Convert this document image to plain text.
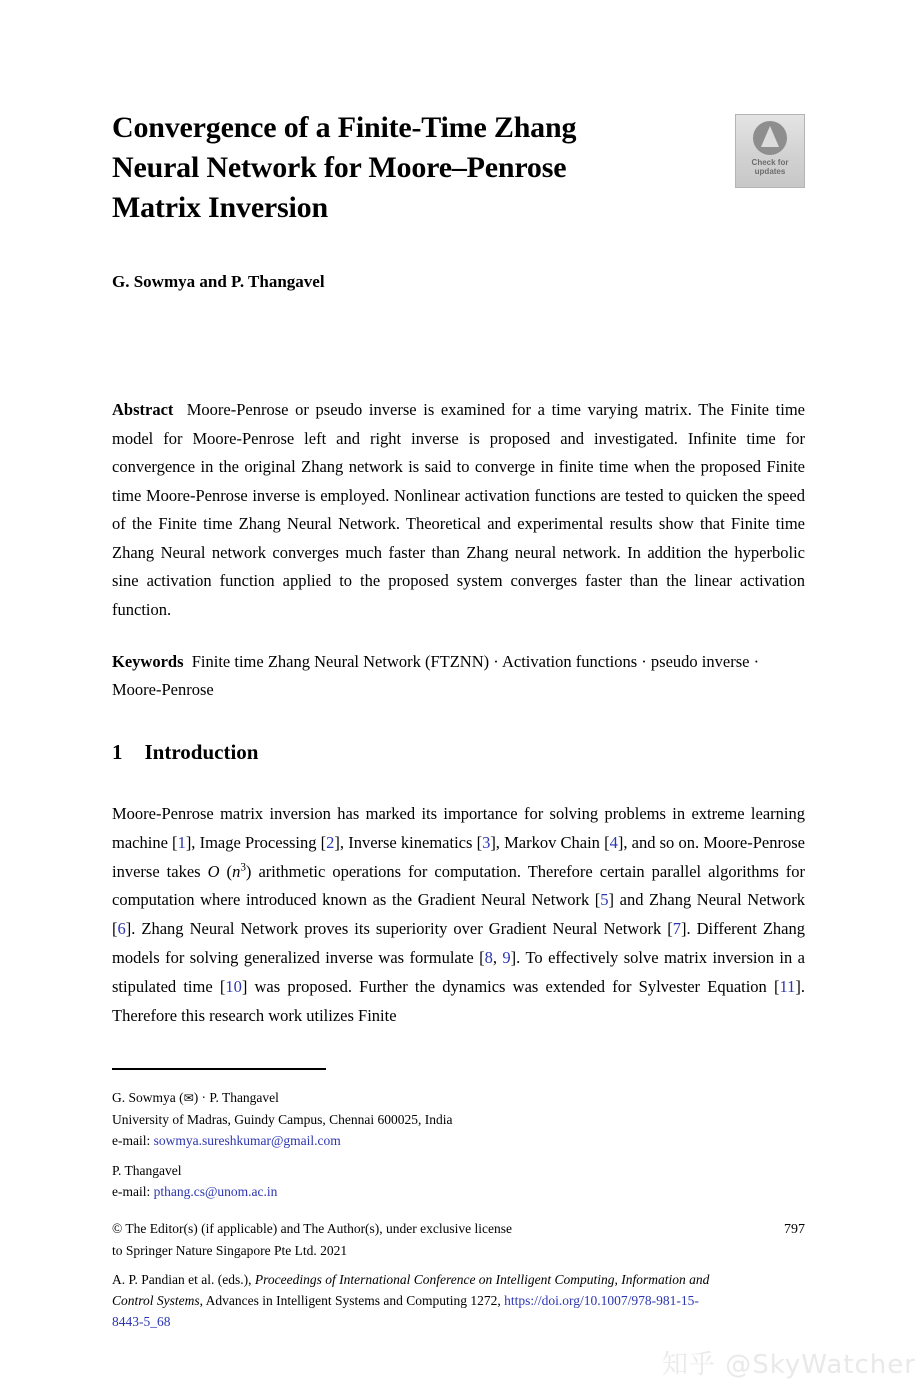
Convergence of a Finite-Time Zhang
Neural Network for Moore–Penrose
Matrix Inversion
Check for
updates
G. Sowmya and P. Thangavel
Abstract Moore-Penrose or pseudo inverse is examined for a time varying matrix. The Finite time model for Moore-Penrose left and right inverse is proposed and investigated. Infinite time for convergence in the original Zhang network is said to converge in finite time when the proposed Finite time Moore-Penrose inverse is employed. Nonlinear activation functions are tested to quicken the speed of the Finite time Zhang Neural Network. Theoretical and experimental results show that Finite time Zhang Neural network converges much faster than Zhang neural network. In addition the hyperbolic sine activation function applied to the proposed system converges faster than the linear activation function.
Keywords Finite time Zhang Neural Network (FTZNN) · Activation functions · pseudo inverse · Moore-Penrose
1 Introduction
Moore-Penrose matrix inversion has marked its importance for solving problems in extreme learning machine [1], Image Processing [2], Inverse kinematics [3], Markov Chain [4], and so on. Moore-Penrose inverse takes O $(n^3)$ arithmetic operations for computation. Therefore certain parallel algorithms for computation where introduced known as the Gradient Neural Network [5] and Zhang Neural Network [6]. Zhang Neural Network proves its superiority over Gradient Neural Network [7]. Different Zhang models for solving generalized inverse was formulate [8, 9]. To effectively solve matrix inversion in a stipulated time [10] was proposed. Further the dynamics was extended for Sylvester Equation [11]. Therefore this research work utilizes Finite
G. Sowmya (✉) · P. Thangavel
University of Madras, Guindy Campus, Chennai 600025, India
e-mail: sowmya.sureshkumar@gmail.com
P. Thangavel
e-mail: pthang.cs@unom.ac.in
© The Editor(s) (if applicable) and The Author(s), under exclusive license	797
to Springer Nature Singapore Pte Ltd. 2021
A. P. Pandian et al. (eds.), Proceedings of International Conference on Intelligent Computing, Information and Control Systems, Advances in Intelligent Systems and Computing 1272, https://doi.org/10.1007/978-981-15-8443-5_68
知乎 @SkyWatcher
